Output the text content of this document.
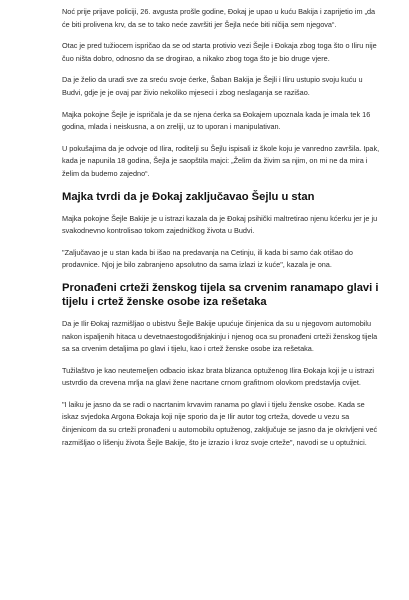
Noć prije prijave policiji, 26. avgusta prošle godine, Đokaj je upao u kuću Bakija i zaprijetio im „da će biti prolivena krv, da se to tako neće završiti jer Šejla neće biti ničija sem njegova“.

Otac je pred tužiocem ispričao da se od starta protivio vezi Šejle i Đokaja zbog toga što o Iliru nije čuo ništa dobro, odnosno da se drogirao, a nikako zbog toga što je bio druge vjere.

Da je želio da uradi sve za sreću svoje ćerke, Šaban Bakija je Šejli i Iliru ustupio svoju kuću u Budvi, gdje je je ovaj par živio nekoliko mjeseci i zbog neslaganja se razišao.

Majka pokojne Šejle je ispričala je da se njena ćerka sa Đokajem upoznala kada je imala tek 16 godina, mlada i neiskusna, a on zreliji, uz to uporan i manipulativan.

U pokušajima da je odvoje od Ilira, roditelji su Šejlu ispisali iz škole koju je vanredno završila. Ipak, kada je napunila 18 godina, Šejla je saopštila majci: „Želim da živim sa njim, on mi ne da mira i želim da budemo zajedno“.

Majka tvrdi da je Đokaj zaključavao Šejlu u stan

Majka pokojne Šejle Bakije je u istrazi kazala da je Đokaj psihički maltretirao njenu kćerku jer je ju svakodnevno kontrolisao tokom zajedničkog života u Budvi.

"Zaljučavao je u stan kada bi išao na predavanja na Cetinju, ili kada bi samo ćak otišao do prodavnice. Njoj je bilo zabranjeno apsolutno da sama izlazi iz kuće", kazala je ona.

Pronađeni crteži ženskog tijela sa crvenim ranamapo glavi i tijelu i crtež ženske osobe iza rešetaka

Da je Ilir Đokaj razmišljao o ubistvu Šejle Bakije upućuje činjenica da su u njegovom automobilu nakon ispaljenih hitaca u devetnaestogodišnjakinju i njenog oca su pronađeni crteži ženskog tijela sa sa crvenim detaljima po glavi i tijelu, kao i crtež ženske osobe iza rešetaka.

Tužilaštvo je kao neutemeljen odbacio iskaz brata blizanca optuženog Ilira Đokaja koji je u istrazi ustvrdio da crevena mrlja na glavi žene nacrtane crnom grafitnom olovkom predstavlja cvijet.

"I laiku je jasno da se radi o nacrtanim krvavim ranama po glavi i tijelu ženske osobe. Kada se iskaz svjedoka Argona Đokaja koji nije sporio da je Ilir autor tog crteža, dovede u vezu sa činjenicom da su crteži pronađeni u automobilu optuženog, zaključuje se jasno da je okrivljeni već razmišljao o lišenju života Šejle Bakije, što je izrazio i kroz svoje crteže", navodi se u optužnici.
